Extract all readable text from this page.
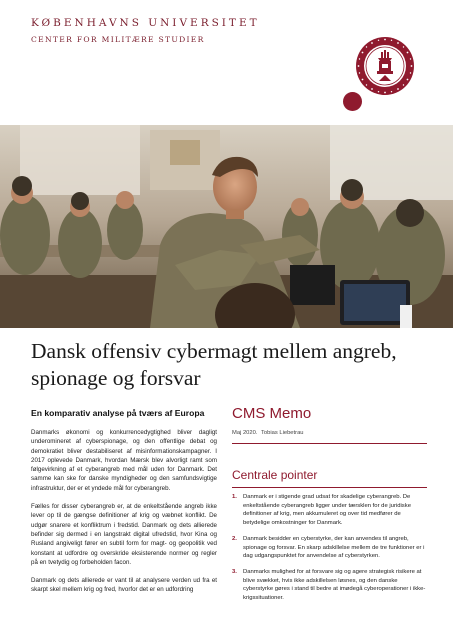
KØBENHAVNS UNIVERSITET
CENTER FOR MILITÆRE STUDIER
Dansk offensiv cybermagt mellem angreb, spionage og forsvar
En komparativ analyse på tværs af Europa

Danmarks økonomi og konkurrencedygtighed bliver dagligt underomineret af cyberspionage, og den offentlige debat og demokratiet bliver destabiliseret af misinformationskampagner. I 2017 oplevede Danmark, hvordan Mærsk blev alvorligt ramt som følgevirkning af et cyberangreb med mål uden for Danmark. Det samme kan ske for danske myndigheder og den samfundsvigtige infrastruktur, der er et yndede mål for cyberangreb.

Fælles for disser cyberangreb er, at de enkeltstående angreb ikke lever op til de gængse definitioner af krig og væbnet konflikt. De udgør snarere et konfliktrum i fredstid. Danmark og dets allierede befinder sig dermed i en langstrakt digital ufredstid, hvor Kina og Rusland angiveligt fører en subtil form for magt- og geopolitik ved konstant at udfordre og overskride eksisterende normer og regler på en tvetydig og forbeholden facon.

Danmark og dets allierede er vant til at analysere verden ud fra et skarpt skel mellem krig og fred, hvorfor det er en udfordring

CMS Memo
Maj 2020. Tobias Liebetrau
Centrale pointer
1. Danmark er i stigende grad udsat for skadelige cyberangreb. De enkeltstående cyberangreb ligger under tærsklen for de juridiske definitioner af krig, men akkumuleret og over tid medfører de betydelige omkostninger for Danmark.
2. Danmark besidder en cyberstyrke, der kan anvendes til angreb, spionage og forsvar. En skarp adskillelse mellem de tre funktioner er i dag udgangspunktet for anvendelse af cyberstyrken.
3. Danmarks mulighed for at forsvare sig og agere strategisk risikere at blive svækket, hvis ikke adskillelsen løsnes, og den danske cyberstyrke gøres i stand til bedre at imødegå cyberoperationer i ikke-krigssituationer.
